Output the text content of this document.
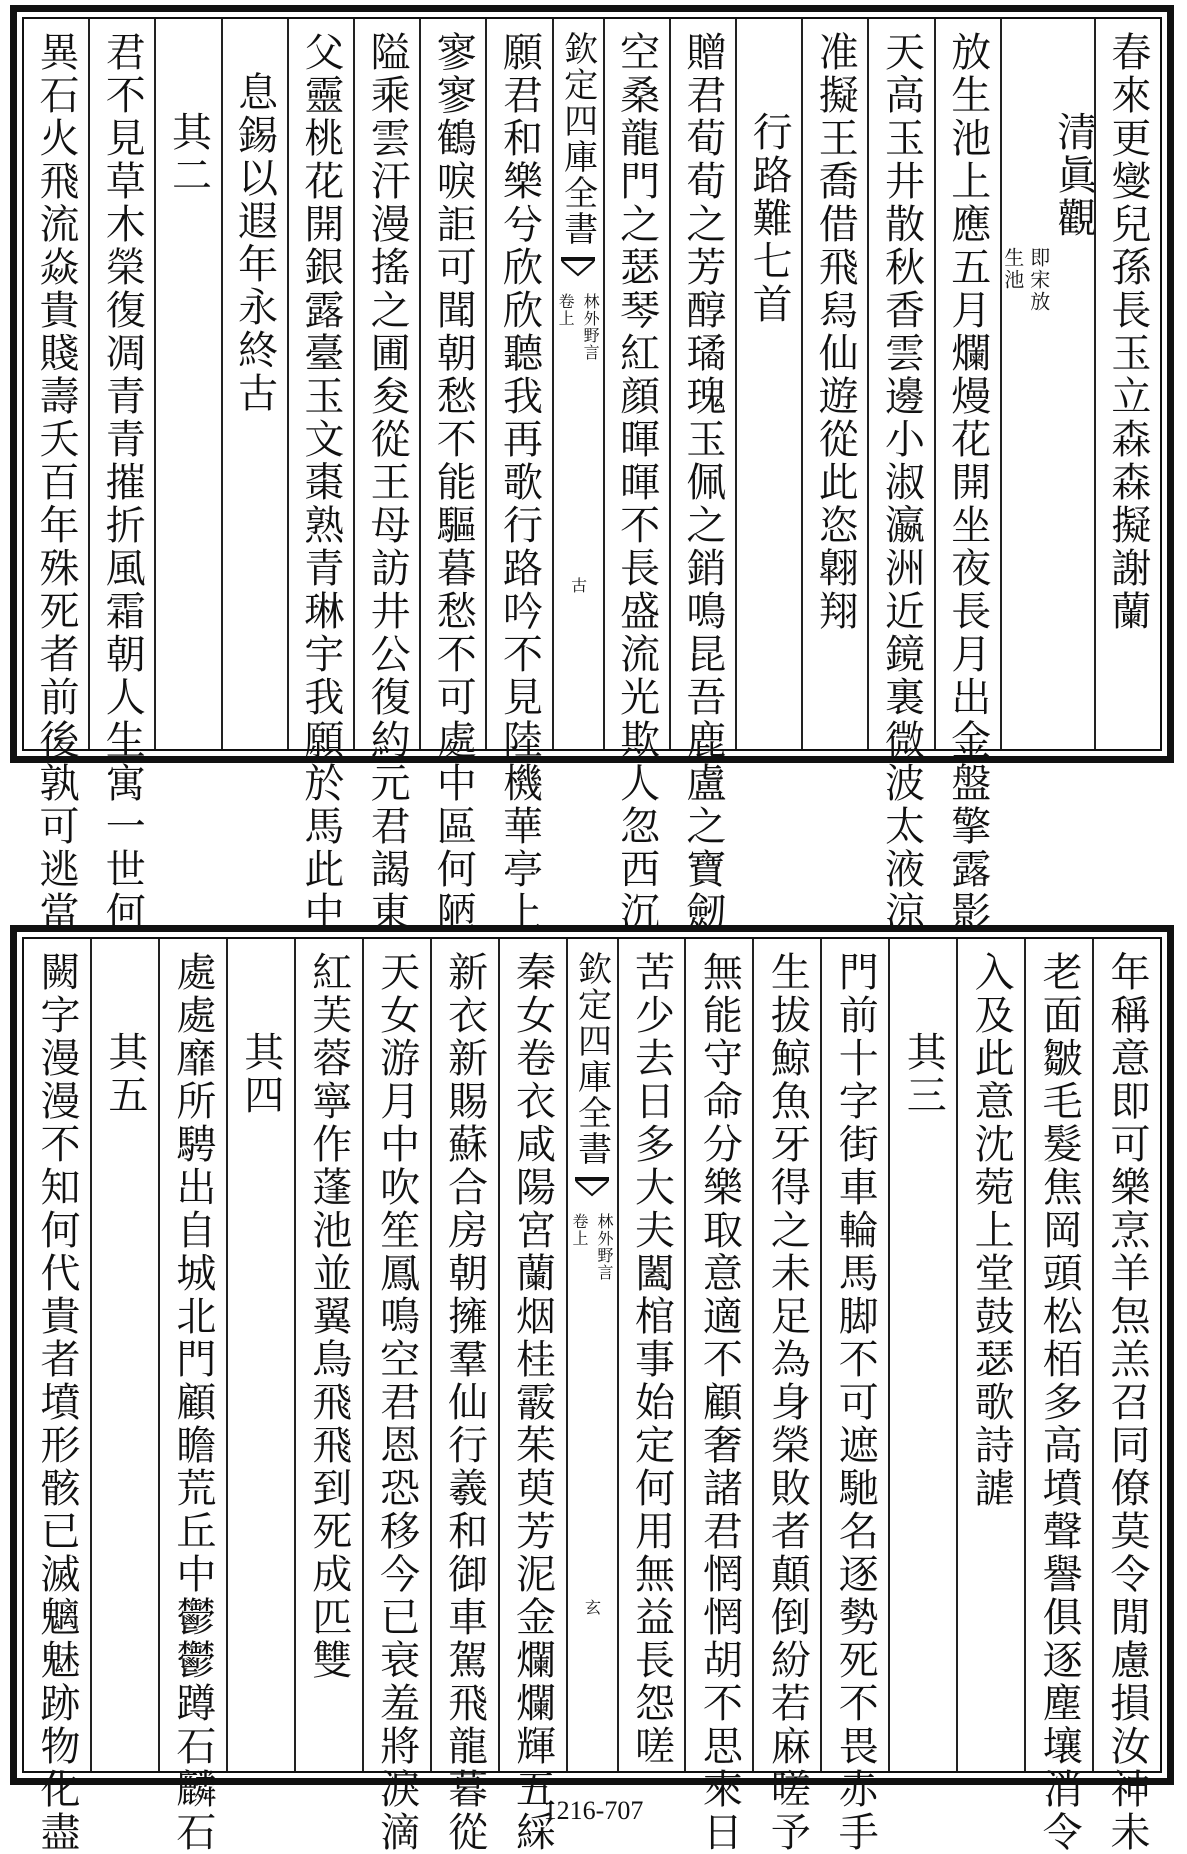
春來更燮兒孫長玉立森森擬謝蘭
清眞觀
即宋放
生池
放生池上應五月爛熳花開坐夜長月出金盤擎露影
天高玉井散秋香雲邊小淑瀛洲近鏡裏微波太液涼
准擬王喬借飛舄仙遊從此恣翺翔
行路難七首
贈君荀荀之芳醇璚瑰玉佩之銷鳴昆吾鹿盧之寶劒
空桑龍門之瑟琴紅顔暉暉不長盛流光欺人忽西沉
欽定四庫全書
林外野言
卷上
古
願君和樂兮欣欣聽我再歌行路吟不見陸機華亭上
寥寥鶴唳詎可聞朝愁不能驅暮愁不可處中區何陋
隘乘雲汗漫搖之圃夋從王母訪井公復約元君謁東
父靈桃花開銀露臺玉文棗熟青琳宇我願於馬此中
息錫以遐年永終古
其二
君不見草木榮復凋青青摧折風霜朝人生寓一世何
異石火飛流焱貴賤壽夭百年殊死者前後孰可逃當
年稱意即可樂烹羊炰羔召同僚莫令閒慮損汝神未
老面皺毛髮焦岡頭松栢多高墳聲譽俱逐塵壤消令
入及此意沈菀上堂鼓瑟歌詩謔
其三
門前十字街車輪馬脚不可遮馳名逐勢死不畏赤手
生拔鯨魚牙得之未足為身榮敗者顛倒紛若麻嗟予
無能守命分樂取意適不顧奢諸君惘惘胡不思來日
苦少去日多大夫闔棺事始定何用無益長怨嗟
欽定四庫全書
林外野言
卷上
玄
秦女卷衣咸陽宮蘭烟桂霰茱萸芳泥金爛爛輝五綵
新衣新賜蘇合房朝擁羣仙行羲和御車駕飛龍暮從
天女游月中吹笙鳳鳴空君恩恐移今已衰羞將淚滴
紅芙蓉寧作蓬池並翼鳥飛飛到死成匹雙
其四
處處靡所騁出自城北門顧瞻荒丘中鬱鬱蹲石麟石
其五
闕字漫漫不知何代貴者墳形骸已滅魑魅跡物化盡	1216-707
